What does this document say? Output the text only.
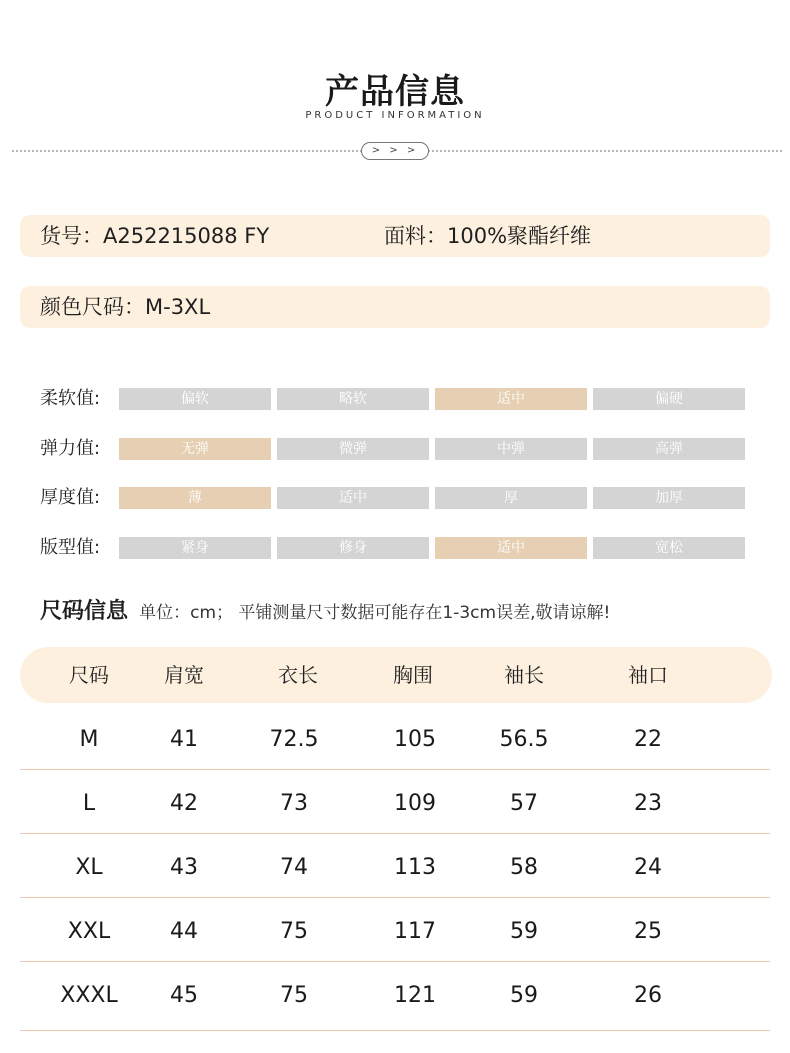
产品信息
PRODUCT INFORMATION
> > >
货号：A252215088 FY	面料：100%聚酯纤维
颜色尺码：M-3XL
柔软值:	偏软	略软	适中	偏硬
弹力值:	无弹	微弹	中弹	高弹
厚度值:	薄	适中	厚	加厚
版型值:	紧身	修身	适中	宽松
尺码信息 单位：cm； 平铺测量尺寸数据可能存在1-3cm误差,敬请谅解!
尺码	肩宽	衣长	胸围	袖长	袖口
M	41	72.5	105	56.5	22
L	42	73	109	57	23
XL	43	74	113	58	24
XXL	44	75	117	59	25
XXXL	45	75	121	59	26
